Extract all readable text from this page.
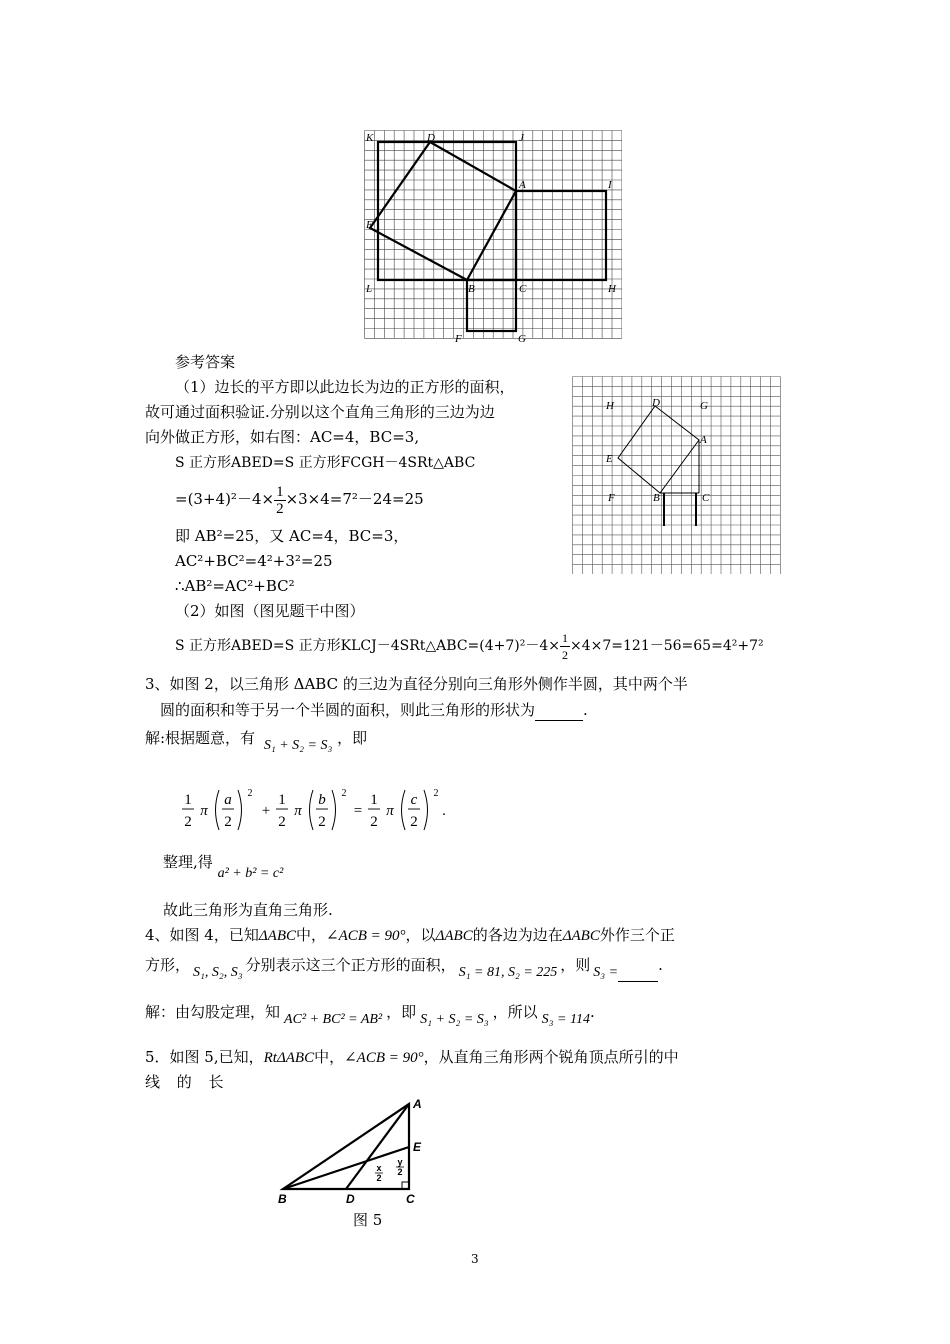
K	D	J
A	I
E
L	B	C	H
F	G
参考答案
（1）边长的平方即以此边长为边的正方形的面积，
故可通过面积验证.分别以这个直角三角形的三边为边
向外做正方形，如右图：AC=4，BC=3,
S 正方形ABED=S 正方形FCGH－4SRt△ABC
$=(3+4)^2-4\times \frac{1}{2} \times 3\times 4=7^2-24=25$
即 AB²=25，又 AC=4，BC=3，
AC²+BC²=4²+3²=25
∴AB²=AC²+BC²
（2）如图（图见题干中图）
S 正方形ABED=S 正方形KLCJ－4SRt△ABC=(4+7)²－4× $\frac{1}{2} \times 4\times 7=121-56=65=4^2+7^2$
H	D	G
A
E
F	B	C
3、如图 2，以三角形 ΔABC 的三边为直径分别向三角形外侧作半圆，其中两个半
圆的面积和等于另一个半圆的面积，则此三角形的形状为	.
解:根据题意，有 S₁ + S₂ = S₃ ，即
1
2
π
a
2
2
+
1
2
π
b
2
2
=
1
2
π
c
2
2
.
整理,得 a² + b² = c²
故此三角形为直角三角形.
4、如图 4，已知ΔABC中，∠ACB = 90°，以ΔABC的各边为边在ΔABC外作三个正
方形， S₁, S₂, S₃ 分别表示这三个正方形的面积， S₁ = 81, S₂ = 225 ，则 S₃ =	.
解：由勾股定理，知 AC² + BC² = AB² ，即 S₁ + S₂ = S₃ ，所以 S₃ = 114.
5．如图 5,已知，RtΔABC中，∠ACB = 90°，从直角三角形两个锐角顶点所引的中
线 的 长
A
E
B	D	C
x
2
y
2
图 5
3
